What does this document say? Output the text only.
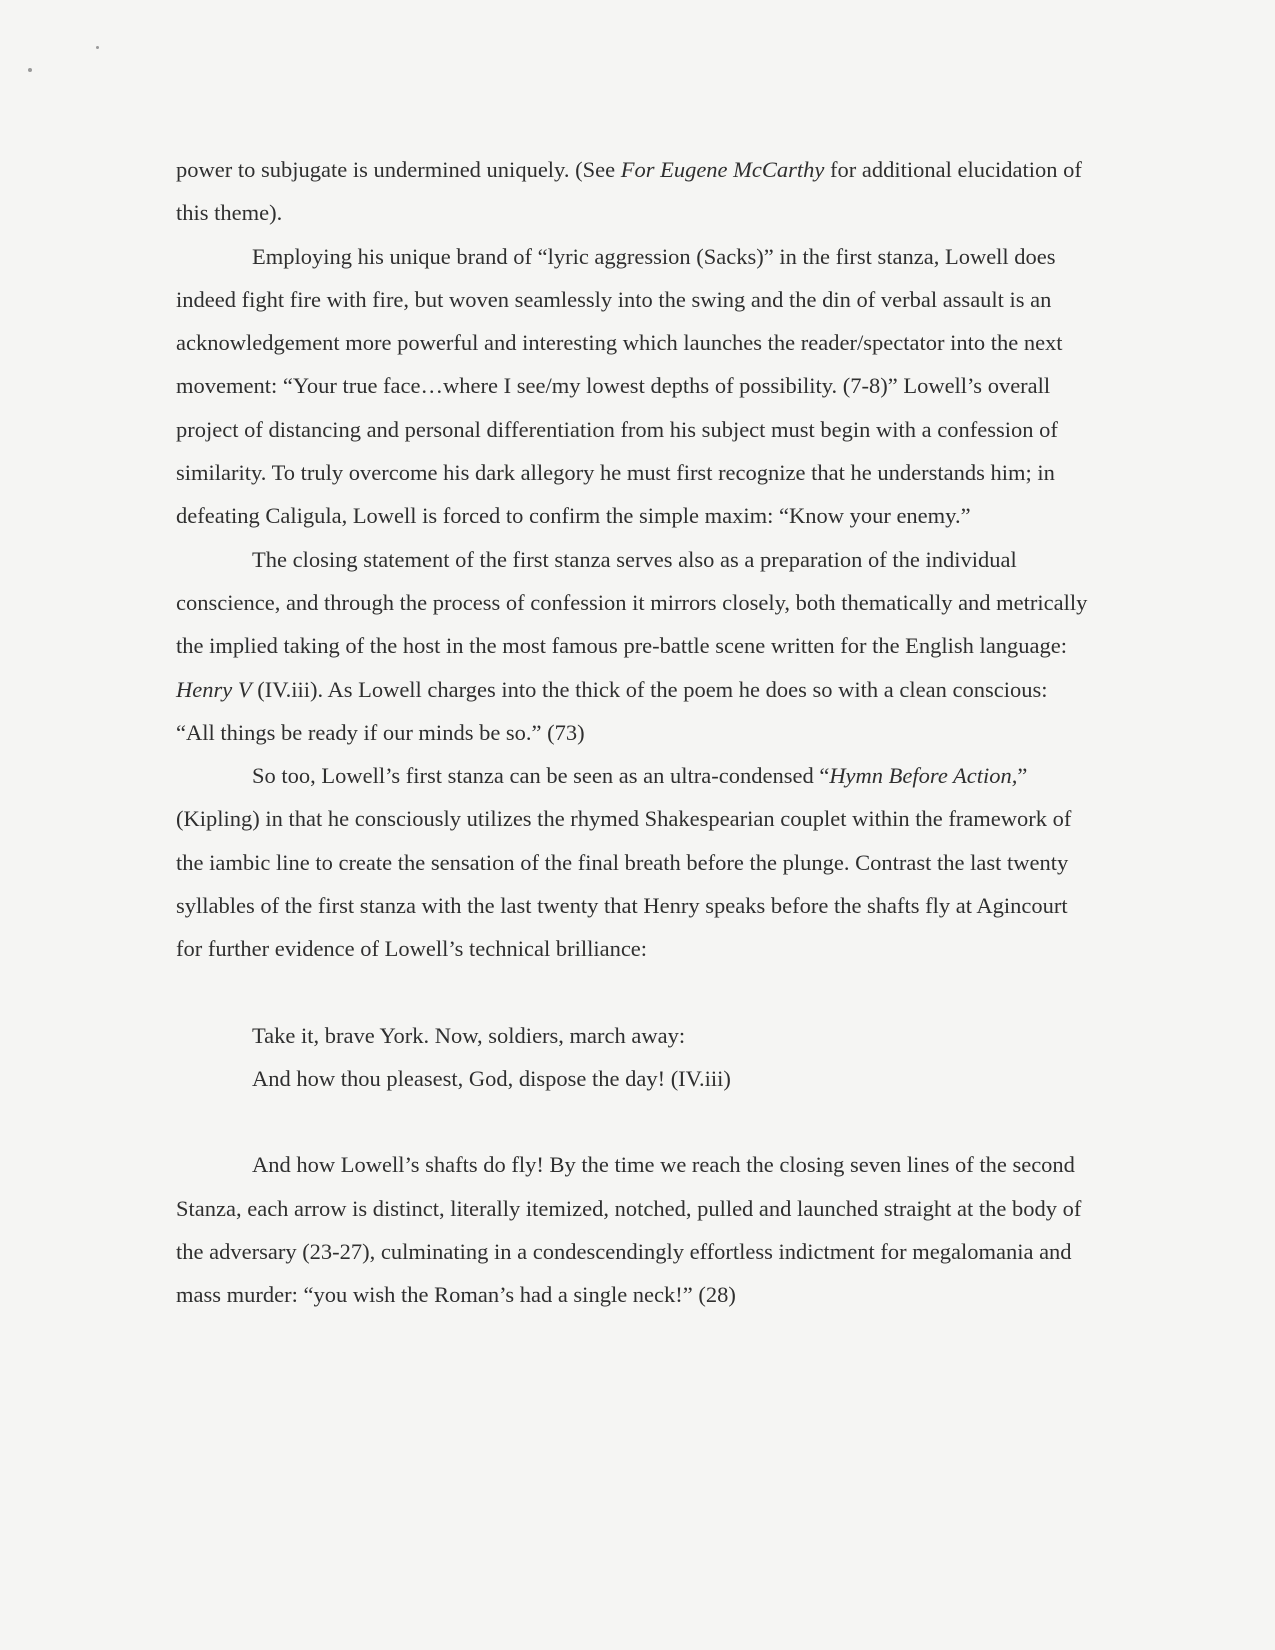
power to subjugate is undermined uniquely. (See For Eugene McCarthy for additional elucidation of this theme).

Employing his unique brand of “lyric aggression (Sacks)” in the first stanza, Lowell does indeed fight fire with fire, but woven seamlessly into the swing and the din of verbal assault is an acknowledgement more powerful and interesting which launches the reader/spectator into the next movement: “Your true face…where I see/my lowest depths of possibility. (7-8)” Lowell’s overall project of distancing and personal differentiation from his subject must begin with a confession of similarity. To truly overcome his dark allegory he must first recognize that he understands him; in defeating Caligula, Lowell is forced to confirm the simple maxim: “Know your enemy.”

The closing statement of the first stanza serves also as a preparation of the individual conscience, and through the process of confession it mirrors closely, both thematically and metrically the implied taking of the host in the most famous pre-battle scene written for the English language: Henry V (IV.iii). As Lowell charges into the thick of the poem he does so with a clean conscious: “All things be ready if our minds be so.” (73)

So too, Lowell’s first stanza can be seen as an ultra-condensed “Hymn Before Action,” (Kipling) in that he consciously utilizes the rhymed Shakespearian couplet within the framework of the iambic line to create the sensation of the final breath before the plunge. Contrast the last twenty syllables of the first stanza with the last twenty that Henry speaks before the shafts fly at Agincourt for further evidence of Lowell’s technical brilliance:

Take it, brave York. Now, soldiers, march away:
And how thou pleasest, God, dispose the day! (IV.iii)

And how Lowell’s shafts do fly! By the time we reach the closing seven lines of the second Stanza, each arrow is distinct, literally itemized, notched, pulled and launched straight at the body of the adversary (23-27), culminating in a condescendingly effortless indictment for megalomania and mass murder: “you wish the Roman’s had a single neck!” (28)
